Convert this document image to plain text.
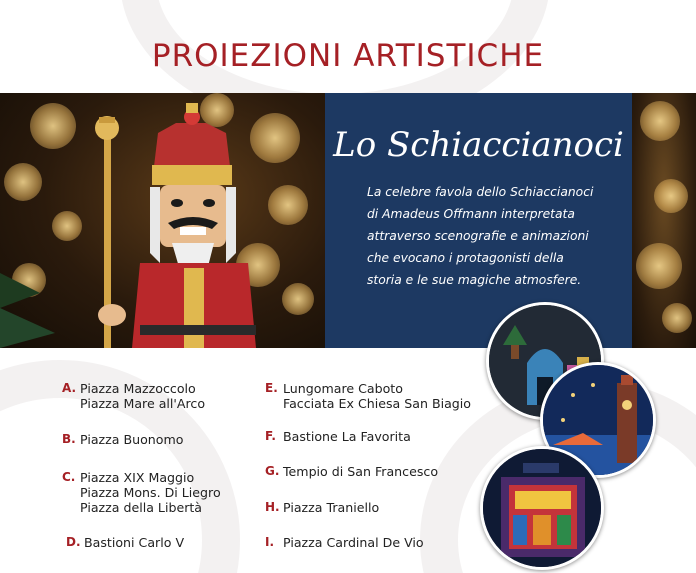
PROIEZIONI ARTISTICHE
Lo Schiaccianoci
La celebre favola dello Schiaccianoci
di Amadeus Offmann interpretata
attraverso scenografie e animazioni
che evocano i protagonisti della
storia e le sue magiche atmosfere.
A. Piazza Mazzoccolo
Piazza Mare all'Arco
B. Piazza Buonomo
C. Piazza XIX Maggio
Piazza Mons. Di Liegro
Piazza della Libertà
D. Bastioni Carlo V
E. Lungomare Caboto
Facciata Ex Chiesa San Biagio
F. Bastione La Favorita
G. Tempio di San Francesco
H. Piazza Traniello
I. Piazza Cardinal De Vio
